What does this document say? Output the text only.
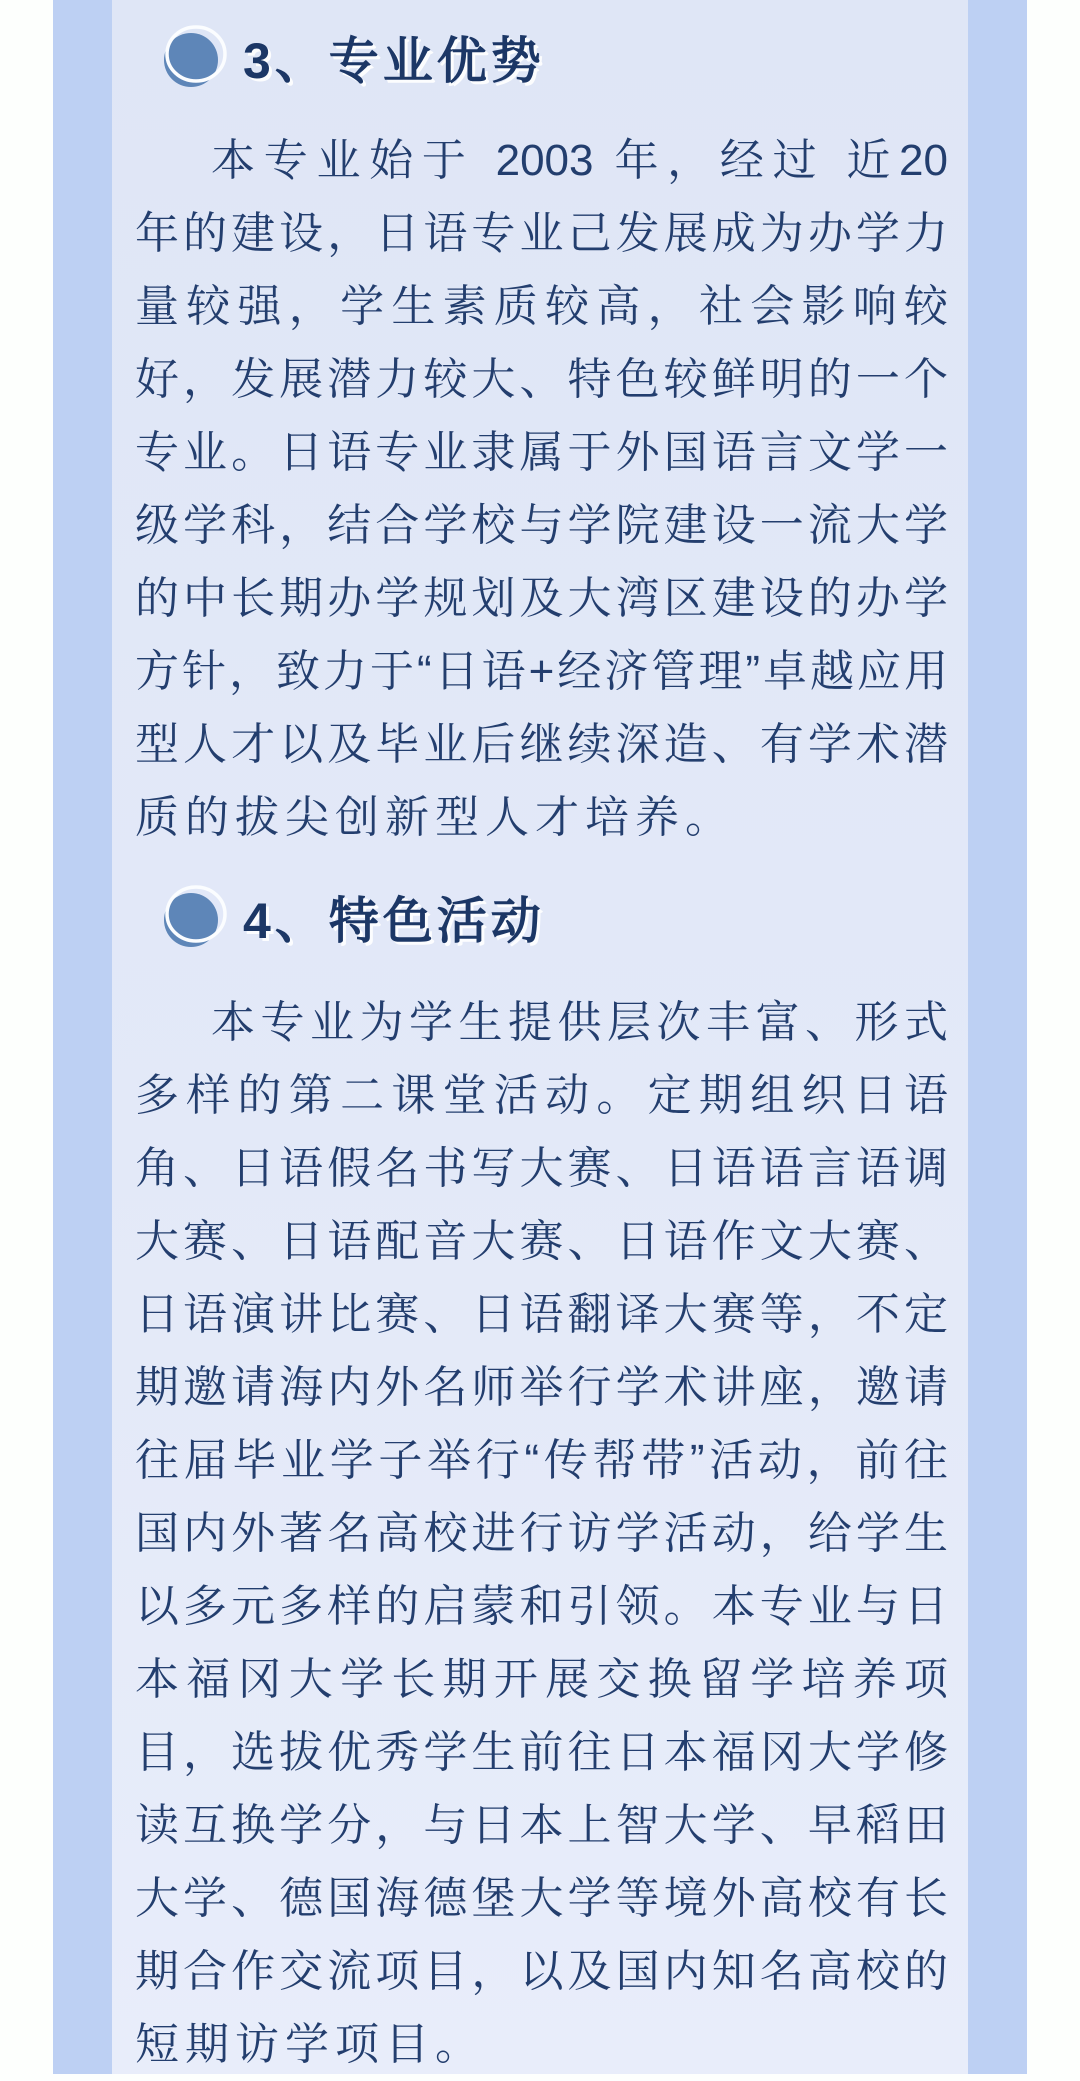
3、专业优势
本专业始于 2003 年，经过 近20
年的建设，日语专业己发展成为办学力
量较强，学生素质较高，社会影响较
好，发展潜力较大、特色较鲜明的一个
专业。日语专业隶属于外国语言文学一
级学科，结合学校与学院建设一流大学
的中长期办学规划及大湾区建设的办学
方针，致力于“日语+经济管理”卓越应用
型人才以及毕业后继续深造、有学术潜
质的拔尖创新型人才培养。
4、特色活动
本专业为学生提供层次丰富、形式
多样的第二课堂活动。定期组织日语
角、日语假名书写大赛、日语语言语调
大赛、日语配音大赛、日语作文大赛、
日语演讲比赛、日语翻译大赛等，不定
期邀请海内外名师举行学术讲座，邀请
往届毕业学子举行“传帮带”活动，前往
国内外著名高校进行访学活动，给学生
以多元多样的启蒙和引领。本专业与日
本福冈大学长期开展交换留学培养项
目，选拔优秀学生前往日本福冈大学修
读互换学分，与日本上智大学、早稻田
大学、德国海德堡大学等境外高校有长
期合作交流项目，以及国内知名高校的
短期访学项目。
